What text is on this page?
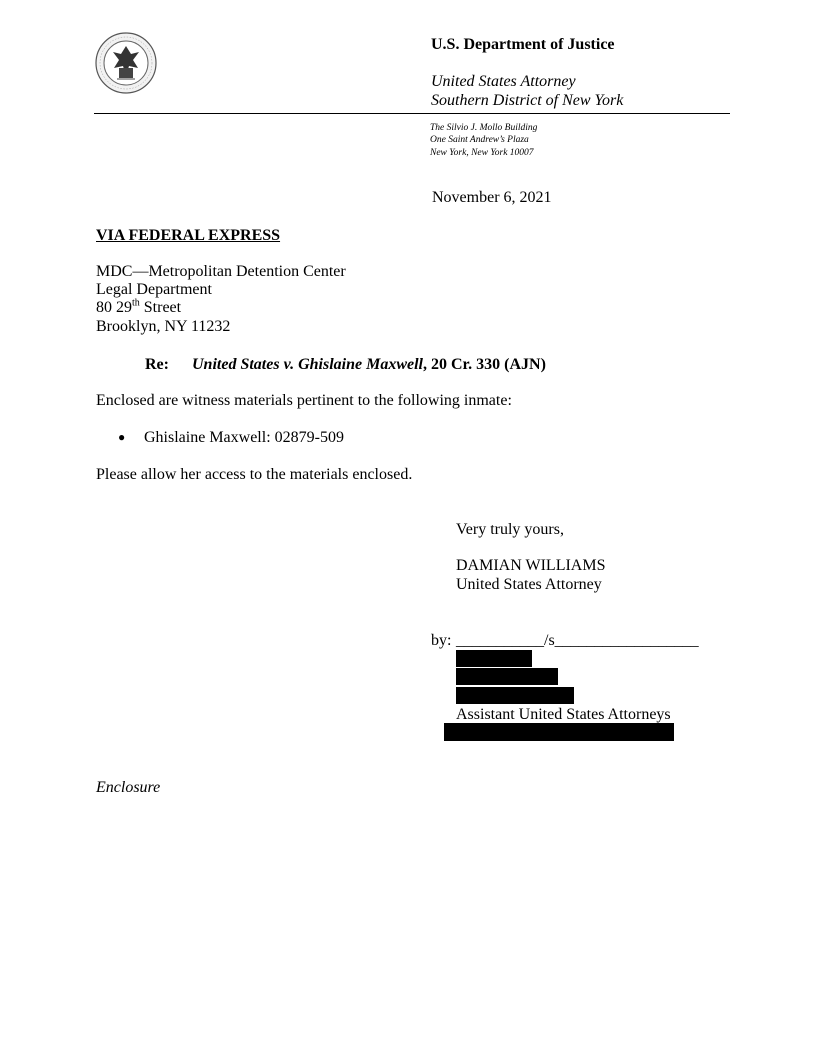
U.S. Department of Justice
United States Attorney
Southern District of New York
The Silvio J. Mollo Building
One Saint Andrew’s Plaza
New York, New York 10007
November 6, 2021
VIA FEDERAL EXPRESS
MDC—Metropolitan Detention Center
Legal Department
80 29th Street
Brooklyn, NY 11232
Re: United States v. Ghislaine Maxwell, 20 Cr. 330 (AJN)
Enclosed are witness materials pertinent to the following inmate:
● Ghislaine Maxwell: 02879-509
Please allow her access to the materials enclosed.
Very truly yours,
DAMIAN WILLIAMS
United States Attorney
by: ___________/s__________________
Assistant United States Attorneys
Enclosure
